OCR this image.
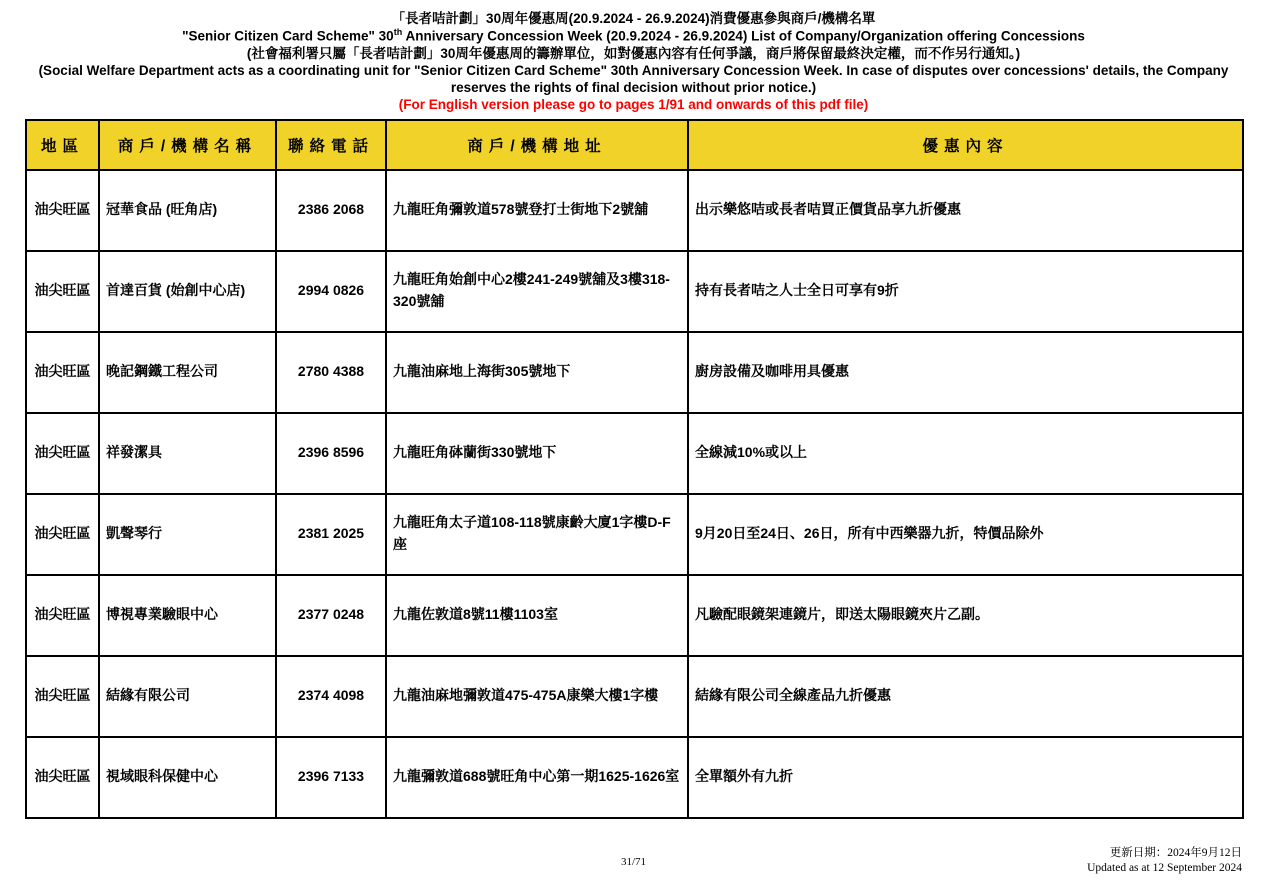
「長者咭計劃」30周年優惠周(20.9.2024 - 26.9.2024)消費優惠參與商戶/機構名單

"Senior Citizen Card Scheme" 30th Anniversary Concession Week (20.9.2024 - 26.9.2024) List of Company/Organization offering Concessions

(社會福利署只屬「長者咭計劃」30周年優惠周的籌辦單位，如對優惠內容有任何爭議，商戶將保留最終決定權，而不作另行通知。)

(Social Welfare Department acts as a coordinating unit for "Senior Citizen Card Scheme" 30th Anniversary Concession Week. In case of disputes over concessions' details, the Company reserves the rights of final decision without prior notice.)

(For English version please go to pages 1/91 and onwards of this pdf file)

地區	商戶/機構名稱	聯絡電話	商戶/機構地址	優惠內容
油尖旺區	冠華食品 (旺角店)	2386 2068	九龍旺角彌敦道578號登打士街地下2號舖	出示樂悠咭或長者咭買正價貨品享九折優惠
油尖旺區	首達百貨 (始創中心店)	2994 0826	九龍旺角始創中心2樓241-249號舖及3樓318-320號舖	持有長者咭之人士全日可享有9折
油尖旺區	晚記鋼鐵工程公司	2780 4388	九龍油麻地上海街305號地下	廚房設備及咖啡用具優惠
油尖旺區	祥發潔具	2396 8596	九龍旺角砵蘭街330號地下	全線減10%或以上
油尖旺區	凱聲琴行	2381 2025	九龍旺角太子道108-118號康齡大廈1字樓D-F座	9月20日至24日、26日，所有中西樂器九折，特價品除外
油尖旺區	博視專業驗眼中心	2377 0248	九龍佐敦道8號11樓1103室	凡驗配眼鏡架連鏡片，即送太陽眼鏡夾片乙副。
油尖旺區	結緣有限公司	2374 4098	九龍油麻地彌敦道475-475A康樂大樓1字樓	結緣有限公司全線產品九折優惠
油尖旺區	視域眼科保健中心	2396 7133	九龍彌敦道688號旺角中心第一期1625-1626室	全單額外有九折
31/71
更新日期：2024年9月12日
Updated as at 12 September 2024
